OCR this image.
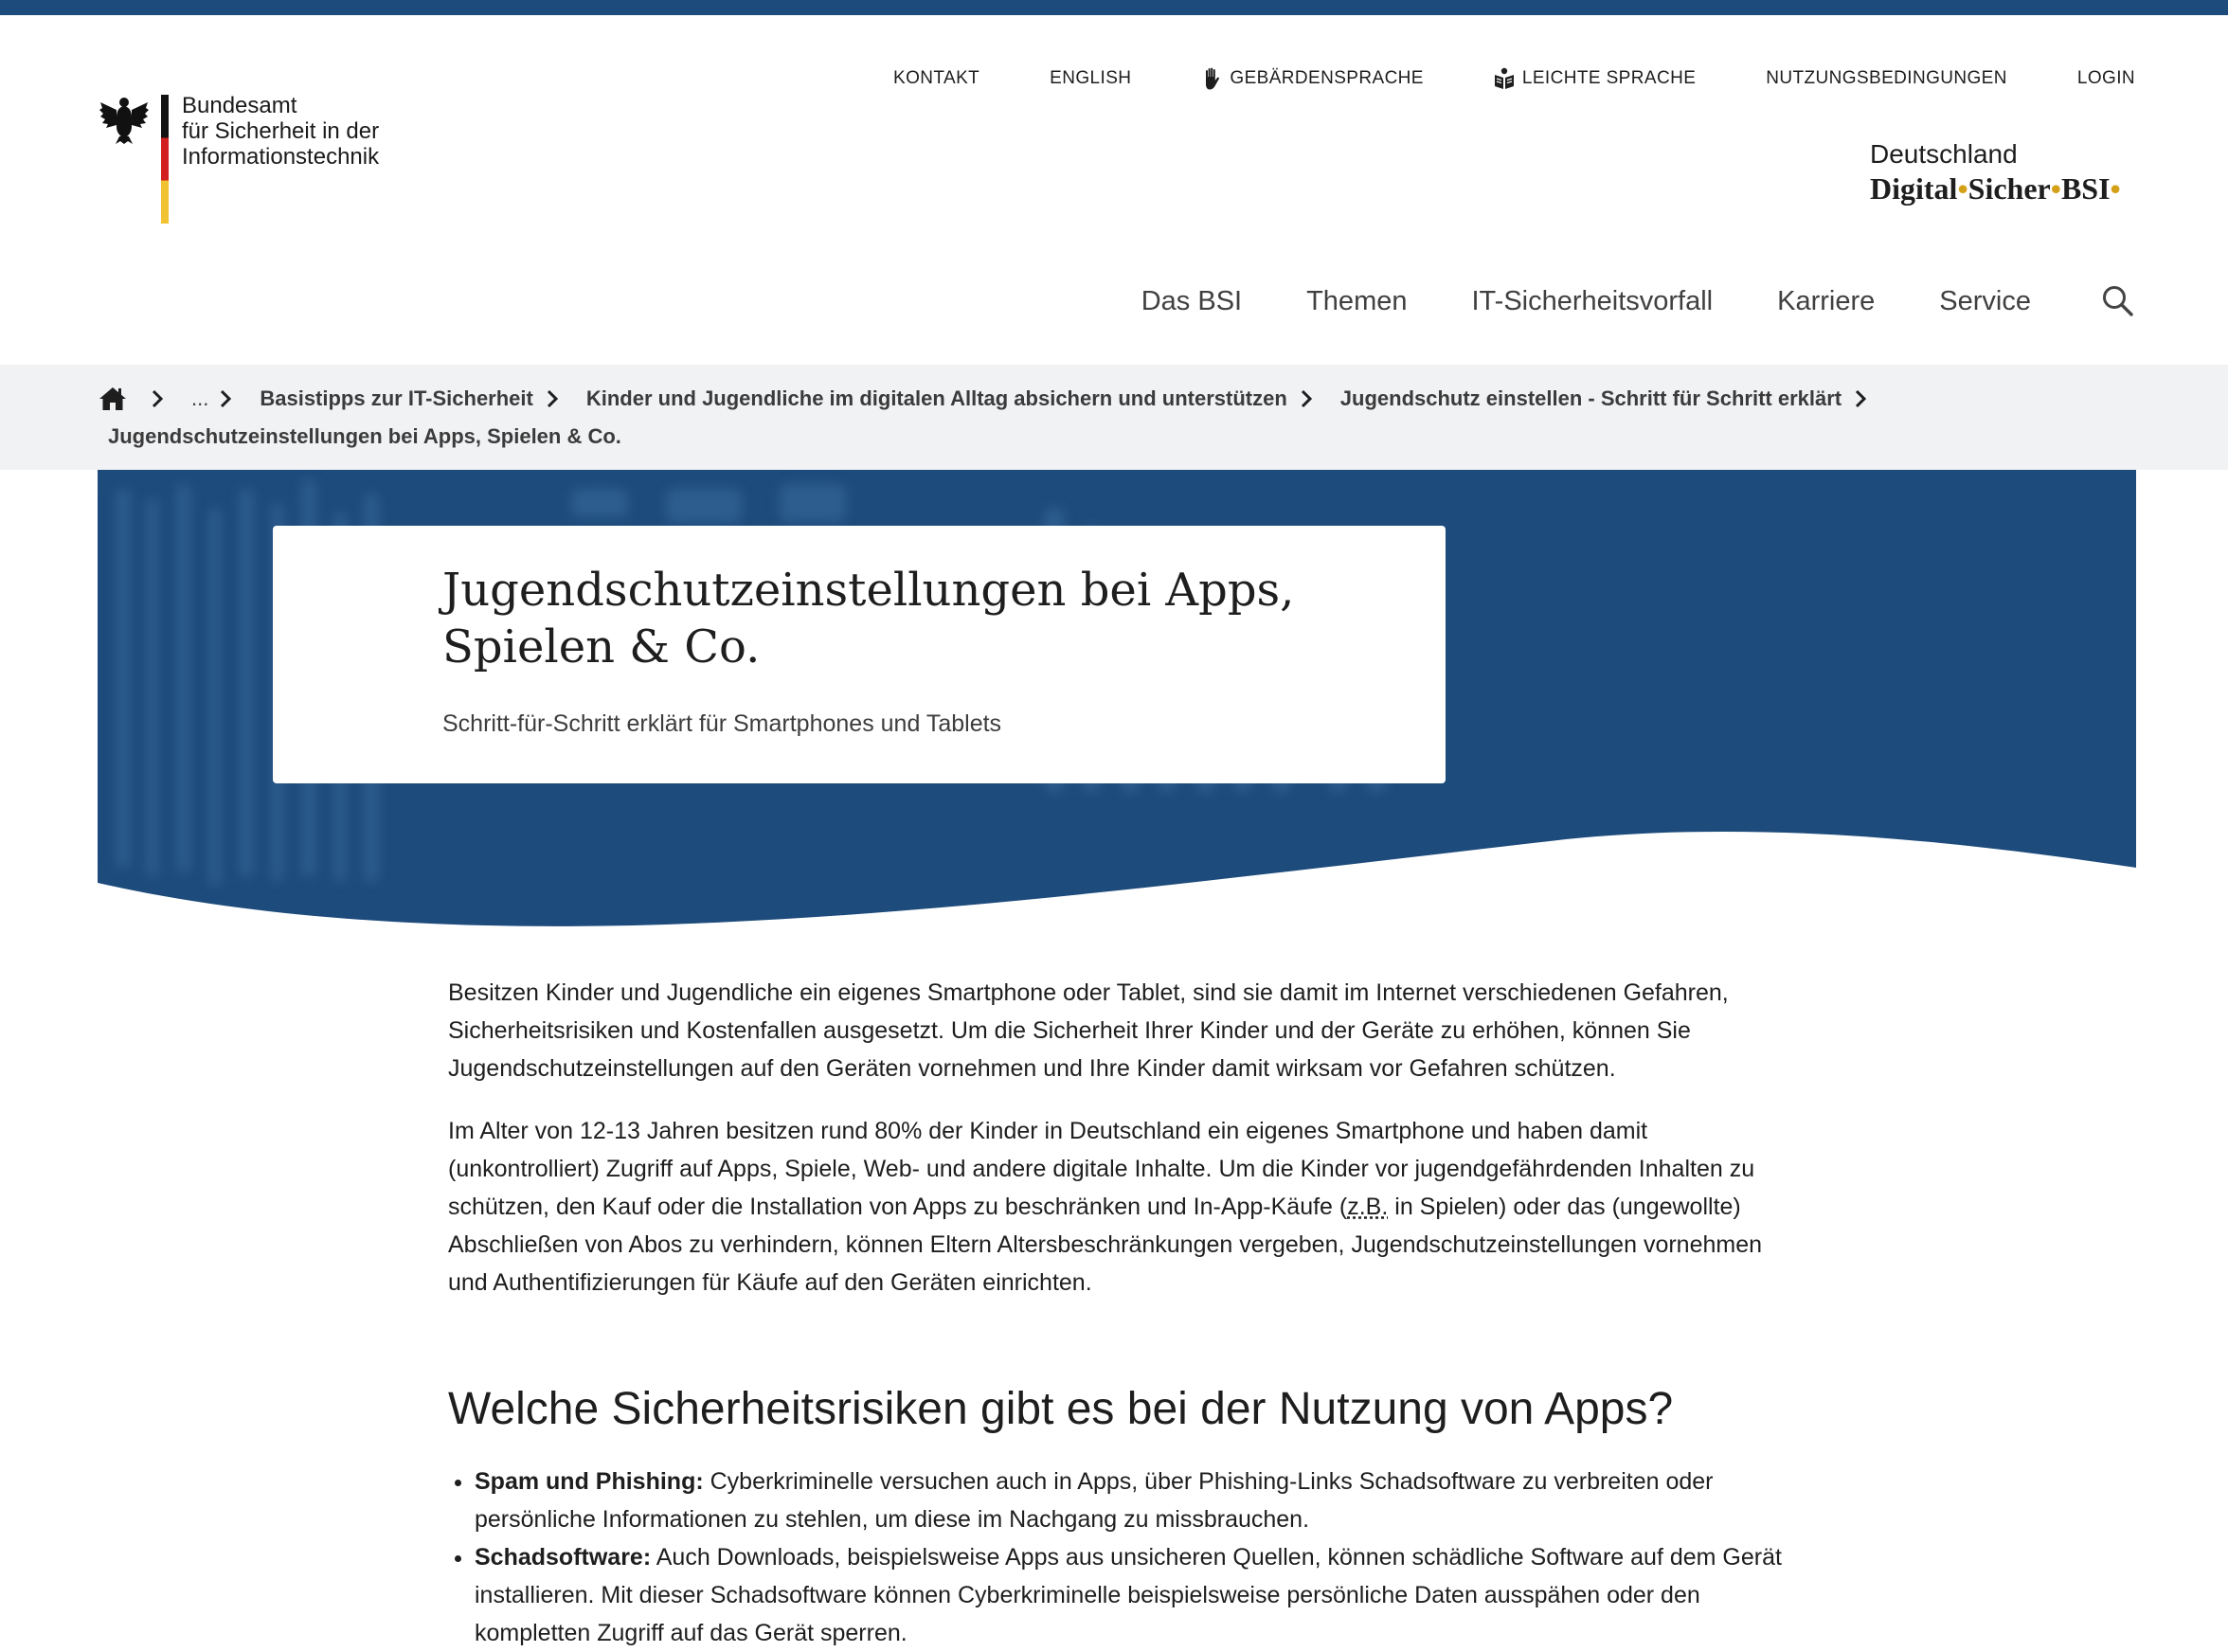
Bundesamt
für Sicherheit in der
Informationstechnik
KONTAKT	ENGLISH	GEBÄRDENSPRACHE	LEICHTE SPRACHE	NUTZUNGSBEDINGUNGEN	LOGIN
Deutschland
Digital•Sicher•BSI•
Das BSI Themen IT-Sicherheitsvorfall Karriere Service
... Basistipps zur IT-Sicherheit	Kinder und Jugendliche im digitalen Alltag absichern und unterstützen	Jugendschutz einstellen - Schritt für Schritt erklärt
Jugendschutzeinstellungen bei Apps, Spielen & Co.
Jugendschutzeinstellungen bei Apps,
Spielen & Co.
Schritt-für-Schritt erklärt für Smartphones und Tablets

Besitzen Kinder und Jugendliche ein eigenes Smartphone oder Tablet, sind sie damit im Internet verschiedenen Gefahren, Sicherheitsrisiken und Kostenfallen ausgesetzt. Um die Sicherheit Ihrer Kinder und der Geräte zu erhöhen, können Sie Jugendschutzeinstellungen auf den Geräten vornehmen und Ihre Kinder damit wirksam vor Gefahren schützen.

Im Alter von 12-13 Jahren besitzen rund 80% der Kinder in Deutschland ein eigenes Smartphone und haben damit (unkontrolliert) Zugriff auf Apps, Spiele, Web- und andere digitale Inhalte. Um die Kinder vor jugendgefährdenden Inhalten zu schützen, den Kauf oder die Installation von Apps zu beschränken und In-App-Käufe (z.B. in Spielen) oder das (ungewollte) Abschließen von Abos zu verhindern, können Eltern Altersbeschränkungen vergeben, Jugendschutzeinstellungen vornehmen und Authentifizierungen für Käufe auf den Geräten einrichten.

Welche Sicherheitsrisiken gibt es bei der Nutzung von Apps?
• Spam und Phishing: Cyberkriminelle versuchen auch in Apps, über Phishing-Links Schadsoftware zu verbreiten oder persönliche Informationen zu stehlen, um diese im Nachgang zu missbrauchen.
• Schadsoftware: Auch Downloads, beispielsweise Apps aus unsicheren Quellen, können schädliche Software auf dem Gerät installieren. Mit dieser Schadsoftware können Cyberkriminelle beispielsweise persönliche Daten ausspähen oder den kompletten Zugriff auf das Gerät sperren.
